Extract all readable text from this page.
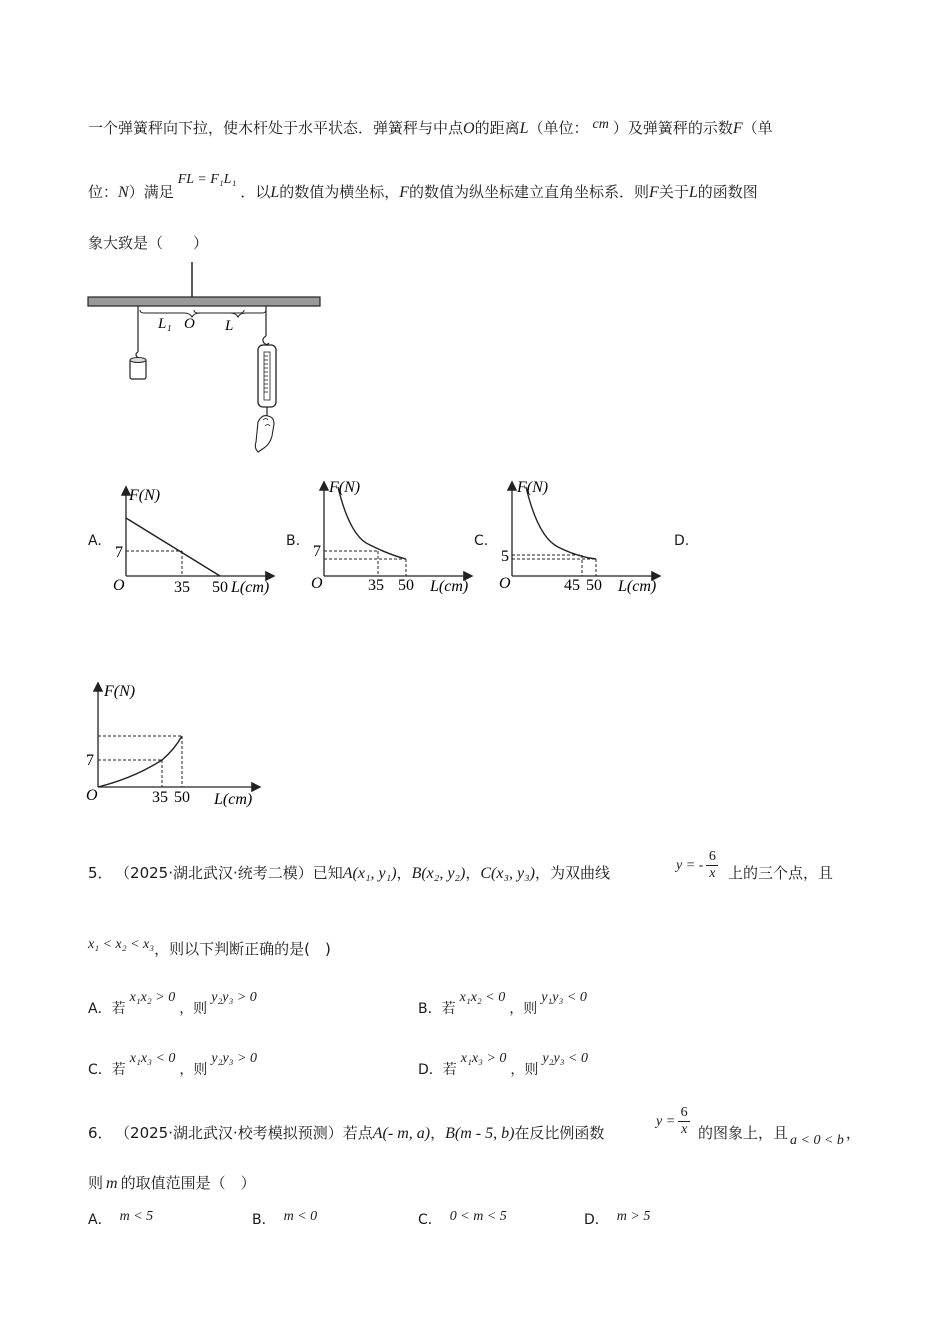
一个弹簧秤向下拉，使木杆处于水平状态．弹簧秤与中点O的距离L（单位： cm ）及弹簧秤的示数F（单
位：N）满足FL = F₁L₁．以L的数值为横坐标，F的数值为纵坐标建立直角坐标系．则F关于L的函数图
象大致是（　　）
L₁ O L
A.
F(N)
7
O	35 50 L(cm)
B.
F(N)
7
O	35 50 L(cm)
C.
F(N)
5
O	45 50 L(cm)
D.
F(N)
7
O	35 50 L(cm)
5． （2025·湖北武汉·统考二模）已知A(x₁, y₁)，B(x₂, y₂)，C(x₃, y₃)，为双曲线	y = - $\frac{6}{x}$ 上的三个点，且
x₁ < x₂ < x₃，则以下判断正确的是(　)
A．若x₁x₂ > 0，则y₂y₃ > 0
B．若x₁x₂ < 0，则y₁y₃ < 0
C．若x₁x₃ < 0，则y₂y₃ > 0
D．若x₁x₃ > 0，则y₂y₃ < 0
6． （2025·湖北武汉·校考模拟预测）若点A(- m, a)，B(m - 5, b)在反比例函数
$y = \frac{6}{x}$ 的图象上，且 a < 0 < b ，
则 m 的取值范围是（　）
A． m < 5	B． m < 0	C． 0 < m < 5	D． m > 5
